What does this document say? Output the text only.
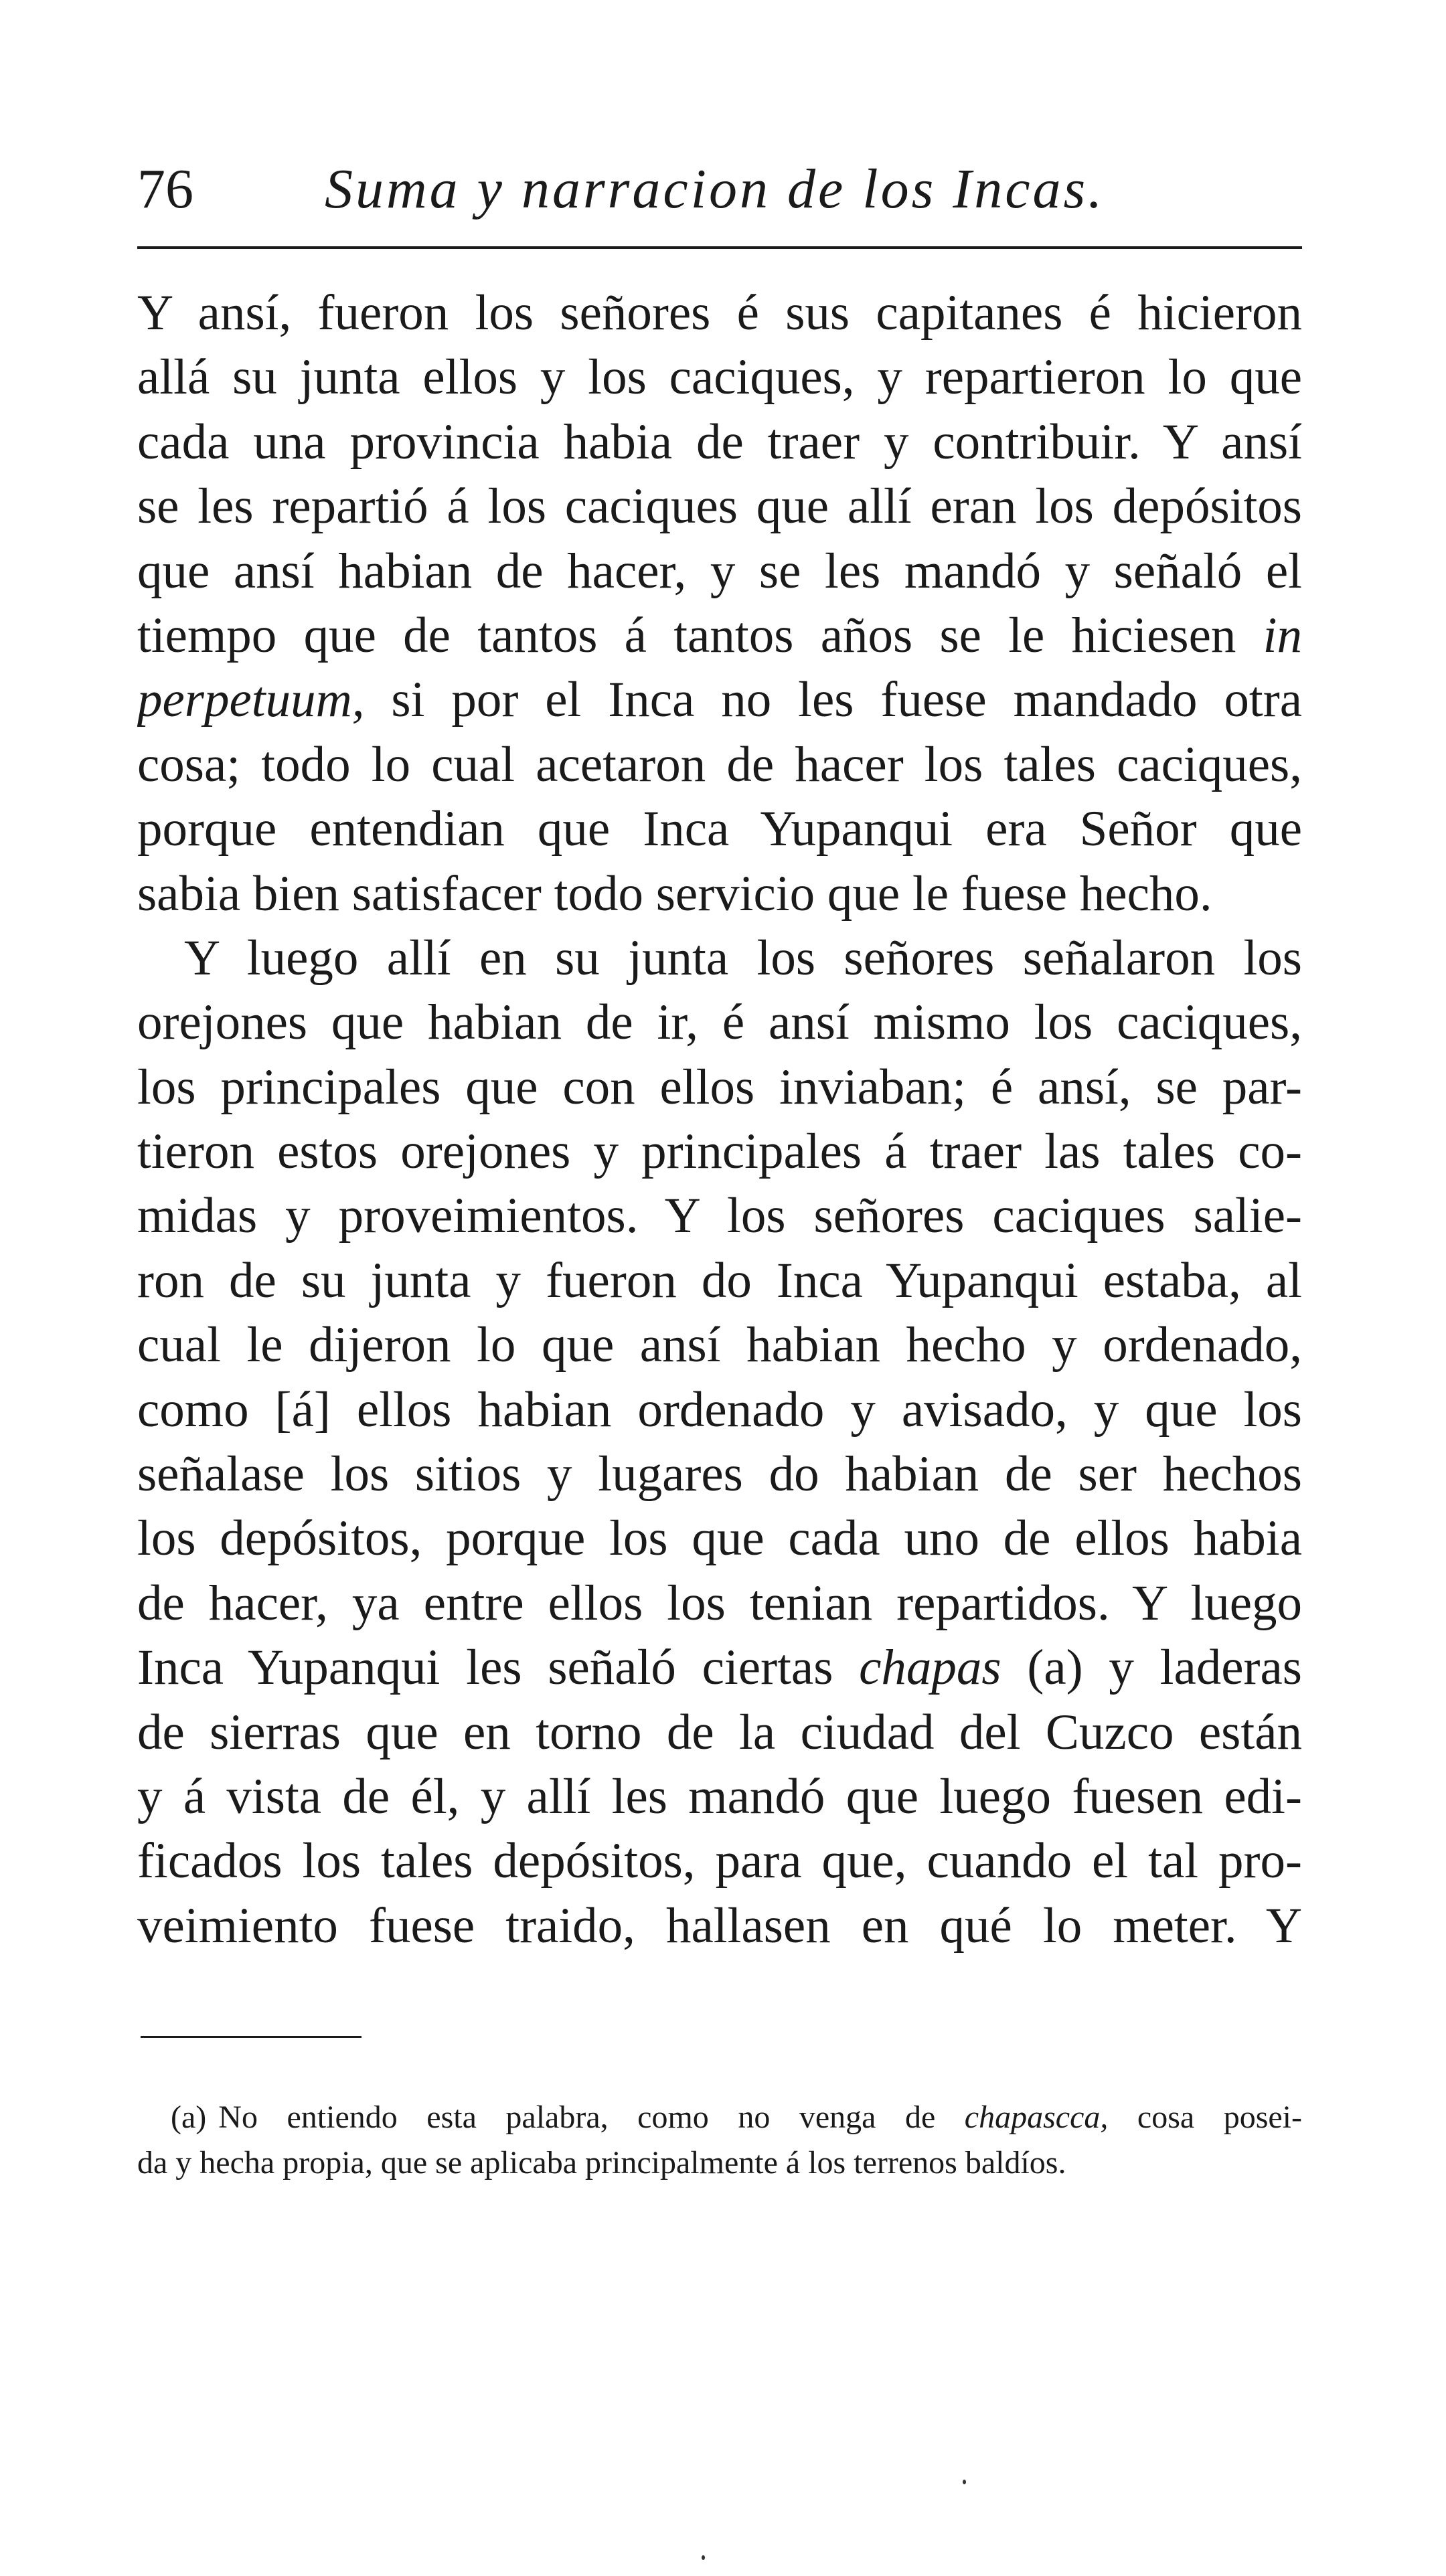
76 Suma y narracion de los Incas.
Y ansí, fueron los señores é sus capitanes é hicieron
allá su junta ellos y los caciques, y repartieron lo que
cada una provincia habia de traer y contribuir. Y ansí
se les repartió á los caciques que allí eran los depósitos
que ansí habian de hacer, y se les mandó y señaló el
tiempo que de tantos á tantos años se le hiciesen in
perpetuum, si por el Inca no les fuese mandado otra
cosa; todo lo cual acetaron de hacer los tales caciques,
porque entendian que Inca Yupanqui era Señor que
sabia bien satisfacer todo servicio que le fuese hecho.
Y luego allí en su junta los señores señalaron los
orejones que habian de ir, é ansí mismo los caciques,
los principales que con ellos inviaban; é ansí, se par-
tieron estos orejones y principales á traer las tales co-
midas y proveimientos. Y los señores caciques salie-
ron de su junta y fueron do Inca Yupanqui estaba, al
cual le dijeron lo que ansí habian hecho y ordenado,
como [á] ellos habian ordenado y avisado, y que los
señalase los sitios y lugares do habian de ser hechos
los depósitos, porque los que cada uno de ellos habia
de hacer, ya entre ellos los tenian repartidos. Y luego
Inca Yupanqui les señaló ciertas chapas (a) y laderas
de sierras que en torno de la ciudad del Cuzco están
y á vista de él, y allí les mandó que luego fuesen edi-
ficados los tales depósitos, para que, cuando el tal pro-
veimiento fuese traido, hallasen en qué lo meter. Y
(a) No entiendo esta palabra, como no venga de chapascca, cosa posei-
da y hecha propia, que se aplicaba principalmente á los terrenos baldíos.
